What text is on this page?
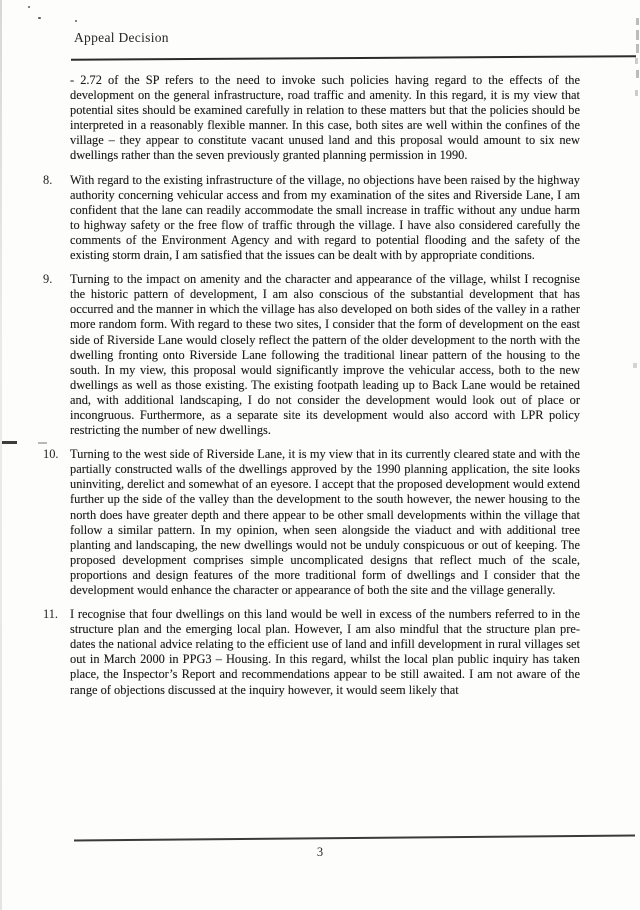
Appeal Decision
- 2.72 of the SP refers to the need to invoke such policies having regard to the effects of the development on the general infrastructure, road traffic and amenity. In this regard, it is my view that potential sites should be examined carefully in relation to these matters but that the policies should be interpreted in a reasonably flexible manner. In this case, both sites are well within the confines of the village – they appear to constitute vacant unused land and this proposal would amount to six new dwellings rather than the seven previously granted planning permission in 1990.
8.	With regard to the existing infrastructure of the village, no objections have been raised by the highway authority concerning vehicular access and from my examination of the sites and Riverside Lane, I am confident that the lane can readily accommodate the small increase in traffic without any undue harm to highway safety or the free flow of traffic through the village. I have also considered carefully the comments of the Environment Agency and with regard to potential flooding and the safety of the existing storm drain, I am satisfied that the issues can be dealt with by appropriate conditions.
9.	Turning to the impact on amenity and the character and appearance of the village, whilst I recognise the historic pattern of development, I am also conscious of the substantial development that has occurred and the manner in which the village has also developed on both sides of the valley in a rather more random form. With regard to these two sites, I consider that the form of development on the east side of Riverside Lane would closely reflect the pattern of the older development to the north with the dwelling fronting onto Riverside Lane following the traditional linear pattern of the housing to the south. In my view, this proposal would significantly improve the vehicular access, both to the new dwellings as well as those existing. The existing footpath leading up to Back Lane would be retained and, with additional landscaping, I do not consider the development would look out of place or incongruous. Furthermore, as a separate site its development would also accord with LPR policy restricting the number of new dwellings.
10. Turning to the west side of Riverside Lane, it is my view that in its currently cleared state and with the partially constructed walls of the dwellings approved by the 1990 planning application, the site looks uninviting, derelict and somewhat of an eyesore. I accept that the proposed development would extend further up the side of the valley than the development to the south however, the newer housing to the north does have greater depth and there appear to be other small developments within the village that follow a similar pattern. In my opinion, when seen alongside the viaduct and with additional tree planting and landscaping, the new dwellings would not be unduly conspicuous or out of keeping. The proposed development comprises simple uncomplicated designs that reflect much of the scale, proportions and design features of the more traditional form of dwellings and I consider that the development would enhance the character or appearance of both the site and the village generally.
11. I recognise that four dwellings on this land would be well in excess of the numbers referred to in the structure plan and the emerging local plan. However, I am also mindful that the structure plan pre-dates the national advice relating to the efficient use of land and infill development in rural villages set out in March 2000 in PPG3 – Housing. In this regard, whilst the local plan public inquiry has taken place, the Inspector’s Report and recommendations appear to be still awaited. I am not aware of the range of objections discussed at the inquiry however, it would seem likely that
3
